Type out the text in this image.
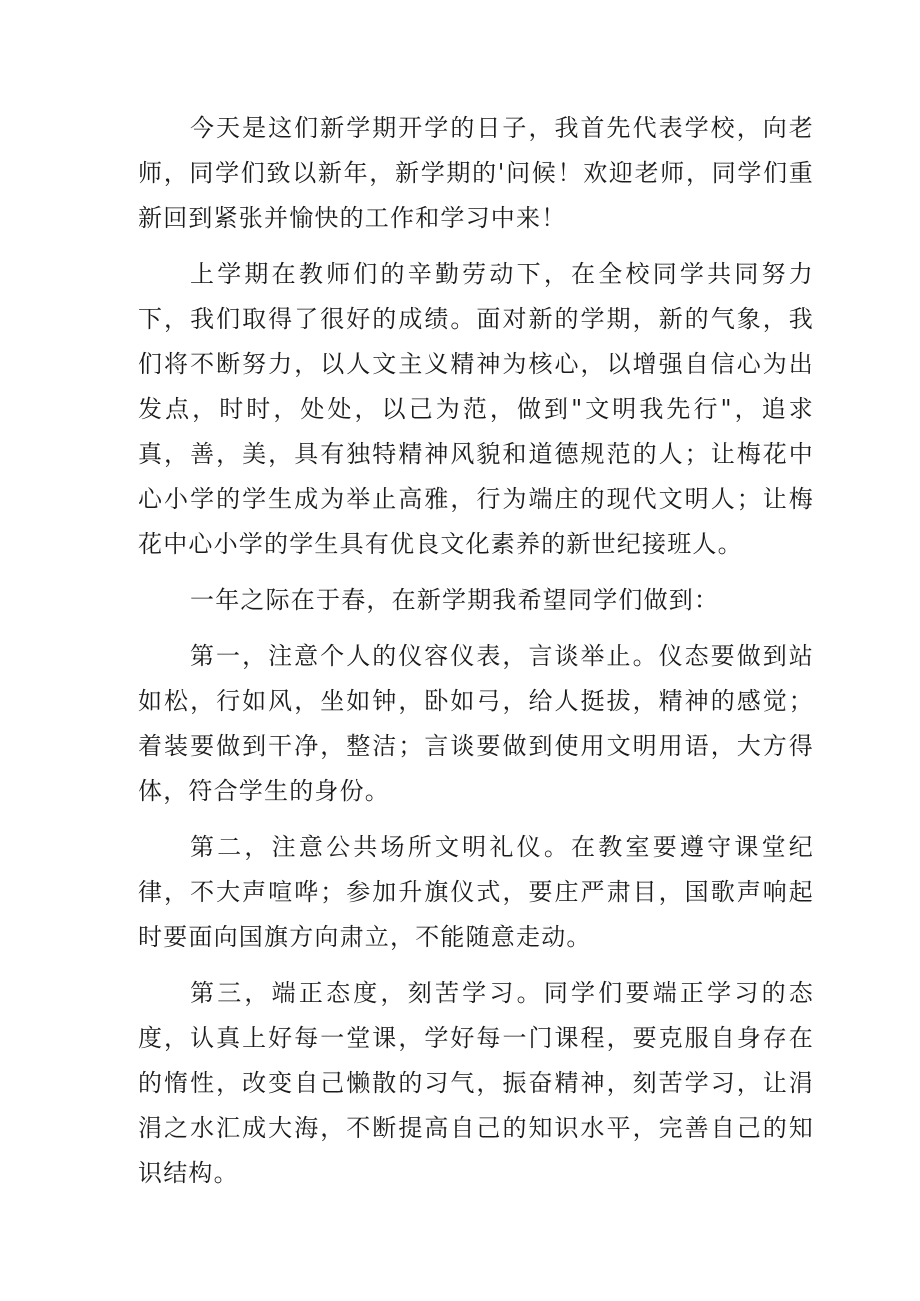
今天是这们新学期开学的日子，我首先代表学校，向老师，同学们致以新年，新学期的'问候！欢迎老师，同学们重新回到紧张并愉快的工作和学习中来！

上学期在教师们的辛勤劳动下，在全校同学共同努力下，我们取得了很好的成绩。面对新的学期，新的气象，我们将不断努力，以人文主义精神为核心，以增强自信心为出发点，时时，处处，以己为范，做到"文明我先行"，追求真，善，美，具有独特精神风貌和道德规范的人；让梅花中心小学的学生成为举止高雅，行为端庄的现代文明人；让梅花中心小学的学生具有优良文化素养的新世纪接班人。

一年之际在于春，在新学期我希望同学们做到：

第一，注意个人的仪容仪表，言谈举止。仪态要做到站如松，行如风，坐如钟，卧如弓，给人挺拔，精神的感觉；着装要做到干净，整洁；言谈要做到使用文明用语，大方得体，符合学生的身份。

第二，注意公共场所文明礼仪。在教室要遵守课堂纪律，不大声喧哗；参加升旗仪式，要庄严肃目，国歌声响起时要面向国旗方向肃立，不能随意走动。

第三，端正态度，刻苦学习。同学们要端正学习的态度，认真上好每一堂课，学好每一门课程，要克服自身存在的惰性，改变自己懒散的习气，振奋精神，刻苦学习，让涓涓之水汇成大海，不断提高自己的知识水平，完善自己的知识结构。
